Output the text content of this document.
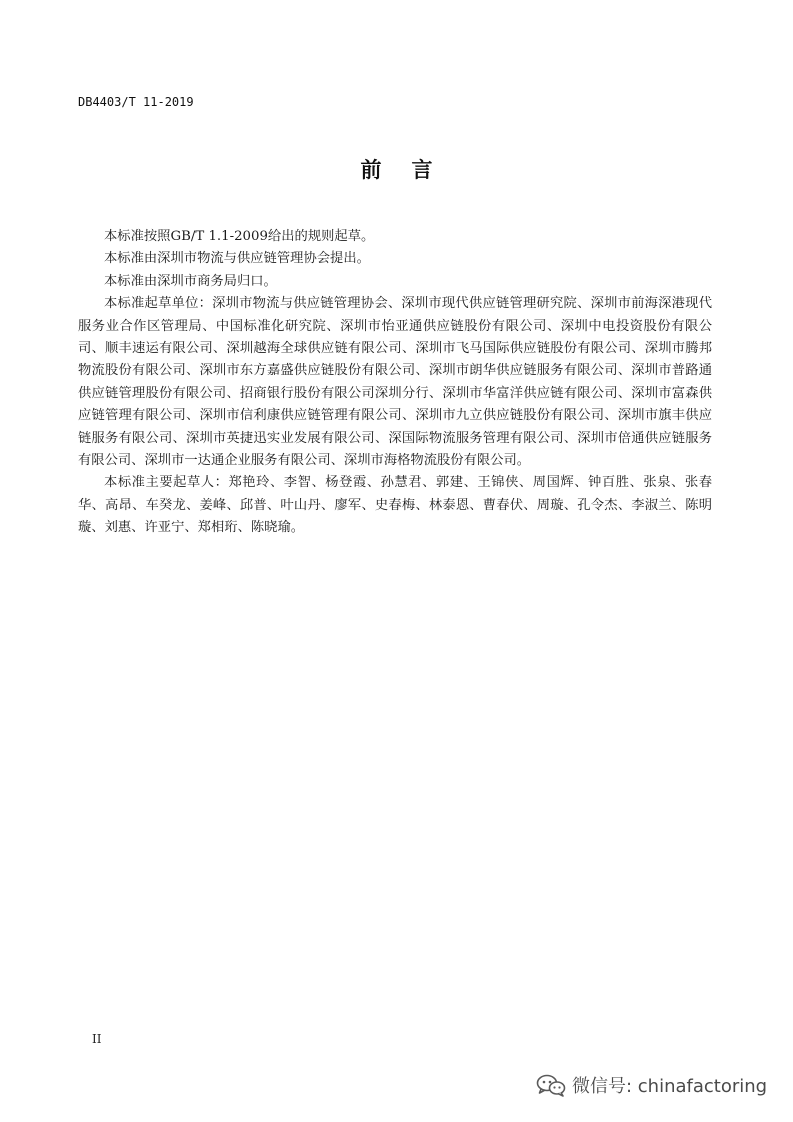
DB4403/T 11-2019
前言

本标准按照GB/T 1.1-2009给出的规则起草。

本标准由深圳市物流与供应链管理协会提出。

本标准由深圳市商务局归口。

本标准起草单位：深圳市物流与供应链管理协会、深圳市现代供应链管理研究院、深圳市前海深港现代服务业合作区管理局、中国标准化研究院、深圳市怡亚通供应链股份有限公司、深圳中电投资股份有限公司、顺丰速运有限公司、深圳越海全球供应链有限公司、深圳市飞马国际供应链股份有限公司、深圳市腾邦物流股份有限公司、深圳市东方嘉盛供应链股份有限公司、深圳市朗华供应链服务有限公司、深圳市普路通供应链管理股份有限公司、招商银行股份有限公司深圳分行、深圳市华富洋供应链有限公司、深圳市富森供应链管理有限公司、深圳市信利康供应链管理有限公司、深圳市九立供应链股份有限公司、深圳市旗丰供应链服务有限公司、深圳市英捷迅实业发展有限公司、深国际物流服务管理有限公司、深圳市倍通供应链服务有限公司、深圳市一达通企业服务有限公司、深圳市海格物流股份有限公司。

本标准主要起草人：郑艳玲、李智、杨登霞、孙慧君、郭建、王锦侠、周国辉、钟百胜、张泉、张春华、高昂、车癸龙、姜峰、邱普、叶山丹、廖军、史春梅、林泰恩、曹春伏、周璇、孔令杰、李淑兰、陈明璇、刘惠、许亚宁、郑相珩、陈晓瑜。

II
微信号: chinafactoring
